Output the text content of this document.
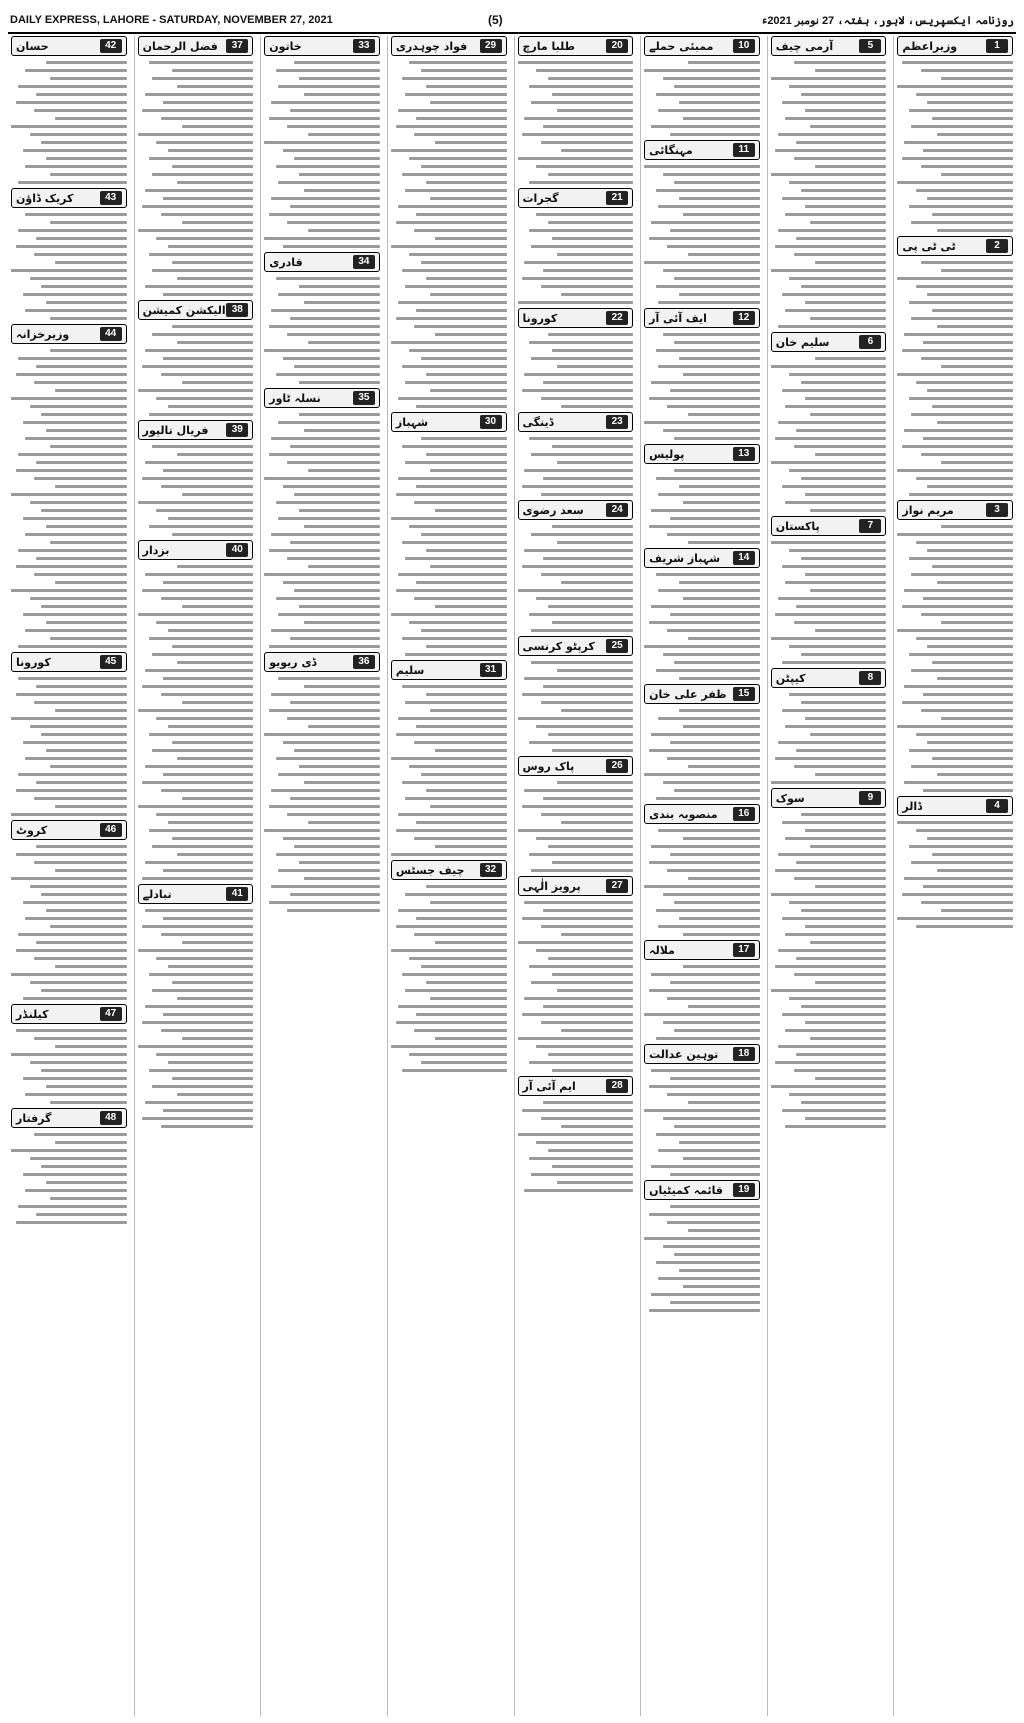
DAILY EXPRESS, LAHORE - SATURDAY, NOVEMBER 27, 2021	(5)	روزنامہ ایکسپریس، لاہور، ہفتہ، 27 نومبر 2021ء
1
وزیراعظم
2
ٹی ٹی پی
3
مریم نواز
4
ڈالر
5
آرمی چیف
6
سلیم خان
7
پاکستان
8
کیپٹن
9
سوک
10
ممبئی حملے
11
مہنگائی
12
ایف آئی آر
13
پولیس
14
شہباز شریف
15
ظفر علی خان
16
منصوبہ بندی
17
ملالہ
18
توہین عدالت
19
قائمہ کمیٹیاں
20
طلبا مارچ
21
گجرات
22
کورونا
23
ڈینگی
24
سعد رضوی
25
کرپٹو کرنسی
26
پاک روس
27
پرویز الٰہی
28
ایم آئی آر
29
فواد چوہدری
30
شہباز
31
سلیم
32
چیف جسٹس
33
خاتون
34
قادری
35
نسلہ ٹاور
36
ڈی ریویو
37
فضل الرحمان
38
الیکشن کمیشن
39
فریال تالپور
40
بزدار
41
تبادلے
42
حسان
43
کریک ڈاؤن
44
وزیرخزانہ
45
کورونا
46
کروٹ
47
کیلنڈر
48
گرفتار
